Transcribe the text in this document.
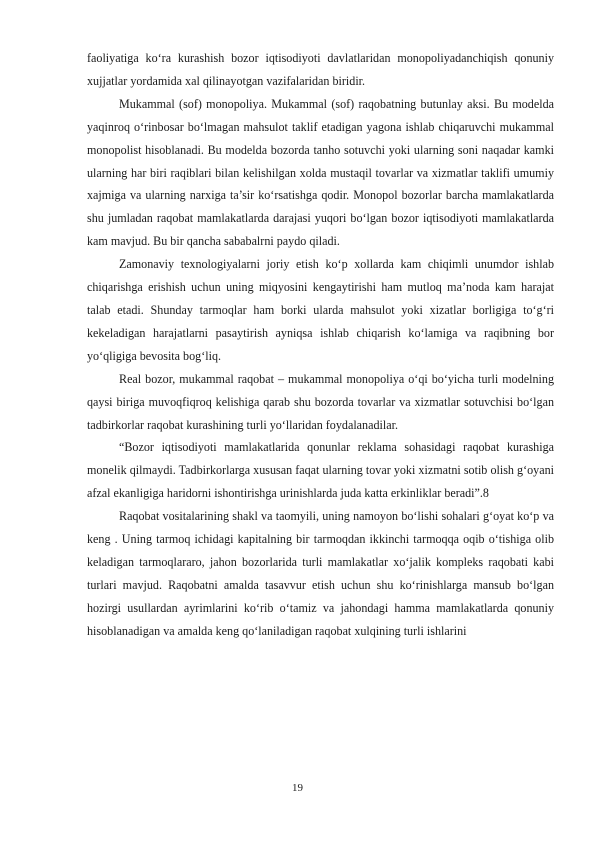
faoliyatiga ko‘ra kurashish bozor iqtisodiyoti davlatlaridan monopoliyadanchiqish qonuniy xujjatlar yordamida xal qilinayotgan vazifalaridan biridir.

Mukammal (sof) monopoliya. Mukammal (sof) raqobatning butunlay aksi. Bu modelda yaqinroq o‘rinbosar bo‘lmagan mahsulot taklif etadigan yagona ishlab chiqaruvchi mukammal monopolist hisoblanadi. Bu modelda bozorda tanho sotuvchi yoki ularning soni naqadar kamki ularning har biri raqiblari bilan kelishilgan xolda mustaqil tovarlar va xizmatlar taklifi umumiy xajmiga va ularning narxiga ta’sir ko‘rsatishga qodir. Monopol bozorlar barcha mamlakatlarda shu jumladan raqobat mamlakatlarda darajasi yuqori bo‘lgan bozor iqtisodiyoti mamlakatlarda kam mavjud. Bu bir qancha sababalrni paydo qiladi.

Zamonaviy texnologiyalarni joriy etish ko‘p xollarda kam chiqimli unumdor ishlab chiqarishga erishish uchun uning miqyosini kengaytirishi ham mutloq ma’noda kam harajat talab etadi. Shunday tarmoqlar ham borki ularda mahsulot yoki xizatlar borligiga to‘g‘ri kekeladigan harajatlarni pasaytirish ayniqsa ishlab chiqarish ko‘lamiga va raqibning bor yo‘qligiga bevosita bog‘liq.

Real bozor, mukammal raqobat – mukammal monopoliya o‘qi bo‘yicha turli modelning qaysi biriga muvoqfiqroq kelishiga qarab shu bozorda tovarlar va xizmatlar sotuvchisi bo‘lgan tadbirkorlar raqobat kurashining turli yo‘llaridan foydalanadilar.

“Bozor iqtisodiyoti mamlakatlarida qonunlar reklama sohasidagi raqobat kurashiga monelik qilmaydi. Tadbirkorlarga xususan faqat ularning tovar yoki xizmatni sotib olish g‘oyani afzal ekanligiga haridorni ishontirishga urinishlarda juda katta erkinliklar beradi”.8

Raqobat vositalarining shakl va taomyili, uning namoyon bo‘lishi sohalari g‘oyat ko‘p va keng . Uning tarmoq ichidagi kapitalning bir tarmoqdan ikkinchi tarmoqqa oqib o‘tishiga olib keladigan tarmoqlararo, jahon bozorlarida turli mamlakatlar xo‘jalik kompleks raqobati kabi turlari mavjud. Raqobatni amalda tasavvur etish uchun shu ko‘rinishlarga mansub bo‘lgan hozirgi usullardan ayrimlarini ko‘rib o‘tamiz va jahondagi hamma mamlakatlarda qonuniy hisoblanadigan va amalda keng qo‘laniladigan raqobat xulqining turli ishlarini

19
